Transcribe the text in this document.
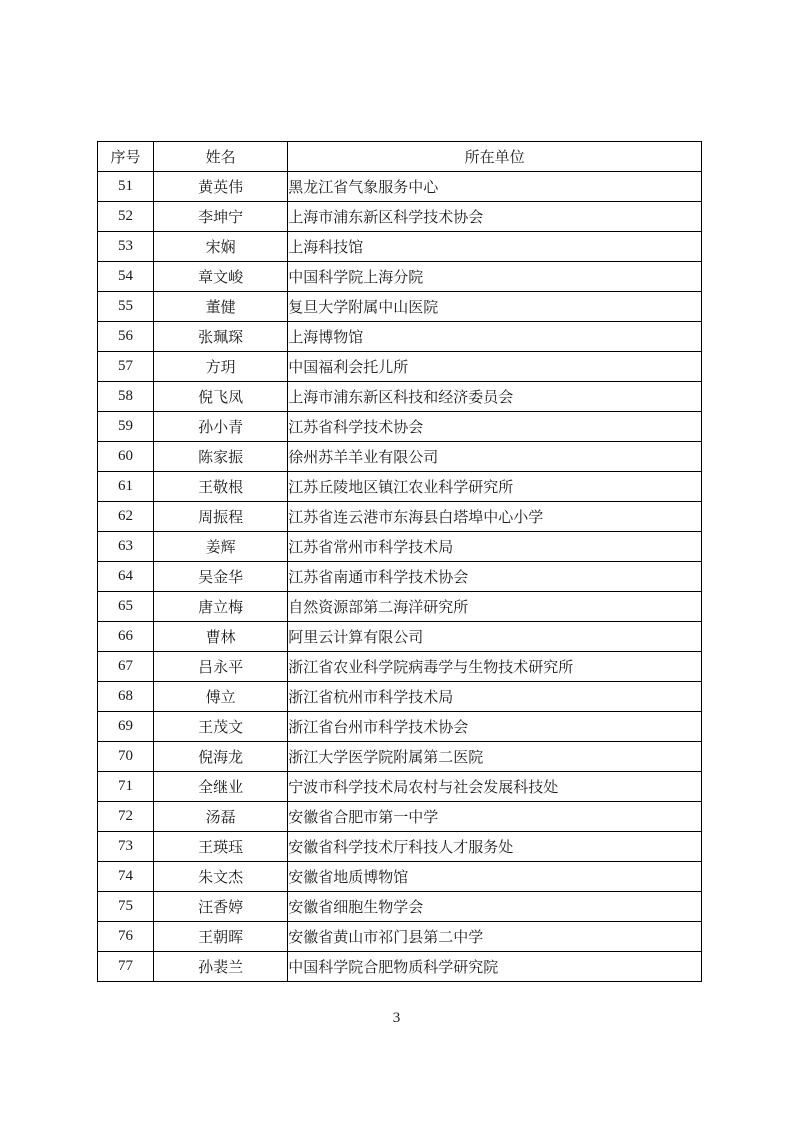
序号	姓名	所在单位
51	黄英伟	黑龙江省气象服务中心
52	李坤宁	上海市浦东新区科学技术协会
53	宋娴	上海科技馆
54	章文峻	中国科学院上海分院
55	董健	复旦大学附属中山医院
56	张珮琛	上海博物馆
57	方玥	中国福利会托儿所
58	倪飞凤	上海市浦东新区科技和经济委员会
59	孙小青	江苏省科学技术协会
60	陈家振	徐州苏羊羊业有限公司
61	王敬根	江苏丘陵地区镇江农业科学研究所
62	周振程	江苏省连云港市东海县白塔埠中心小学
63	姜辉	江苏省常州市科学技术局
64	吴金华	江苏省南通市科学技术协会
65	唐立梅	自然资源部第二海洋研究所
66	曹林	阿里云计算有限公司
67	吕永平	浙江省农业科学院病毒学与生物技术研究所
68	傅立	浙江省杭州市科学技术局
69	王茂文	浙江省台州市科学技术协会
70	倪海龙	浙江大学医学院附属第二医院
71	全继业	宁波市科学技术局农村与社会发展科技处
72	汤磊	安徽省合肥市第一中学
73	王瑛珏	安徽省科学技术厅科技人才服务处
74	朱文杰	安徽省地质博物馆
75	汪香婷	安徽省细胞生物学会
76	王朝晖	安徽省黄山市祁门县第二中学
77	孙裴兰	中国科学院合肥物质科学研究院
3
